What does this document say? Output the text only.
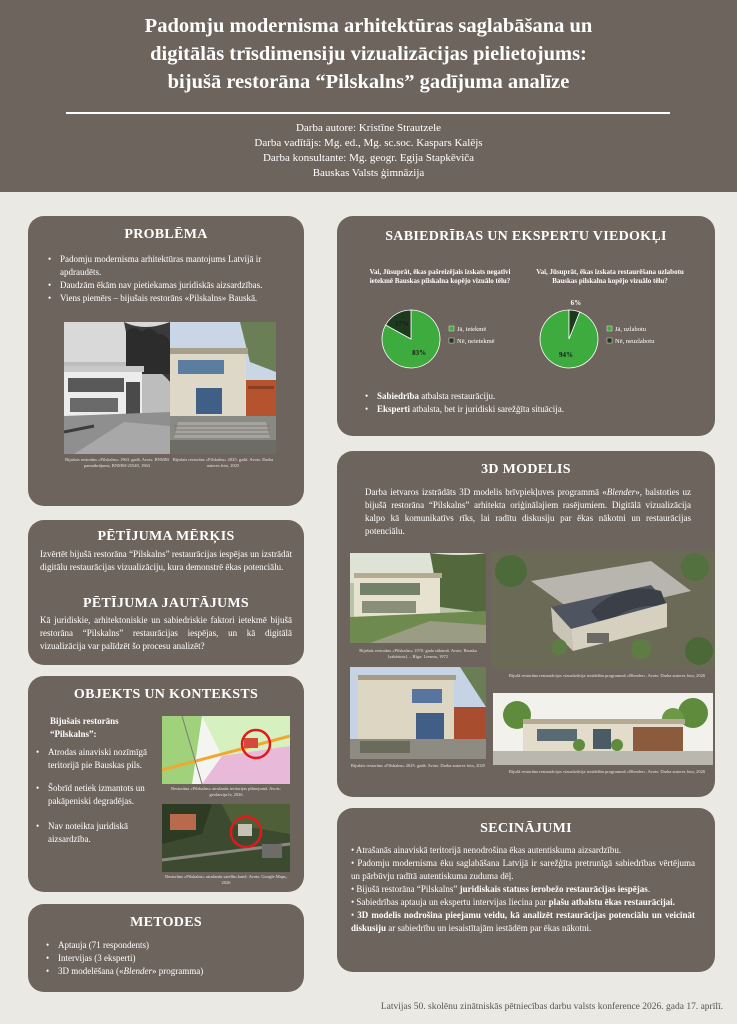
Padomju modernisma arhitektūras saglabāšana un
digitālās trīsdimensiju vizualizācijas pielietojums:
bijušā restorāna “Pilskalns” gadījuma analīze
Darba autore: Kristīne Strautzele
Darba vadītājs: Mg. ed., Mg. sc.soc. Kaspars Kalējs
Darba konsultante: Mg. geogr. Egija Stapkēviča
Bauskas Valsts ģimnāzija
PROBLĒMA
• Padomju modernisma arhitektūras mantojums Latvijā ir apdraudēts.
• Daudzām ēkām nav pietiekamas juridiskās aizsardzības.
• Viens piemērs – bijušais restorāns «Pilskalns» Bauskā.
Bijušais restorāns «Pilskalns» 1963. gadā. Avots: BNMM pamatkrājums, BNMM-25540, 1963
Bijušais restorāns «Pilskalns» 2025. gadā. Avots: Darba autores foto, 2025
PĒTĪJUMA MĒRĶIS
Izvērtēt bijušā restorāna “Pilskalns” restaurācijas iespējas un izstrādāt digitālu restaurācijas vizualizāciju, kura demonstrē ēkas potenciālu.
PĒTĪJUMA JAUTĀJUMS
Kā juridiskie, arhitektoniskie un sabiedriskie faktori ietekmē bijušā restorāna “Pilskalns” restaurācijas iespējas, un kā digitālā vizualizācija var palīdzēt šo procesu analizēt?
OBJEKTS UN KONTEKSTS
Bijušais restorāns
“Pilskalns”:
• Atrodas ainaviski nozīmīgā teritorijā pie Bauskas pils.
• Šobrīd netiek izmantots un pakāpeniski degradējas.
• Nav noteikta juridiskā aizsardzība.
Restorāna «Pilskalns» atrašanās teritorijas plānojumā. Avots: geolatvija.lv, 2026
Restorāns «Pilskalns» atrašanās satelītu kartē. Avots: Google Maps, 2026
METODES
• Aptauja (71 respondents)
• Intervijas (3 eksperti)
• 3D modelēšana («Blender» programma)
SABIEDRĪBAS UN EKSPERTU VIEDOKĻI
Vai, Jūsuprāt, ēkas pašreizējais izskats negatīvi ietekmē Bauskas pilskalna kopējo vizuālo tēlu?
Vai, Jūsuprāt, ēkas izskata restaurēšana uzlabotu Bauskas pilskalna kopējo vizuālo tēlu?
83%
17%
Jā, ietekmē
Nē, neietekmē
94%
6%
Jā, uzlabotu
Nē, neuzlabotu
• Sabiedrība atbalsta restaurāciju.
• Eksperti atbalsta, bet ir juridiski sarežģīta situācija.
3D MODELIS
Darba ietvaros izstrādāts 3D modelis brīvpiekļuves programmā «Blender», balstoties uz bijušā restorāna “Pilskalns” arhitekta oriģinālajiem rasējumiem. Digitālā vizualizācija kalpo kā komunikatīvs rīks, lai radītu diskusiju par ēkas nākotni un restaurācijas potenciālu.
Bijušais restorāns «Pilskalns» 1970. gada sākumā. Avots: Bauska [sakārtots]. – Rīga: Liesma, 1972
Bijušā restorāna restaurācijas vizualizācija izstrādāta programmā «Blender». Avots: Darba autores foto, 2026
Bijušais restorāns «Pilskalns» 2025. gadā. Avots: Darba autores foto, 2025
Bijušā restorāna restaurācijas vizualizācija izstrādāta programmā «Blender». Avots: Darba autores foto, 2026
SECINĀJUMI
• Atrašanās ainaviskā teritorijā nenodrošina ēkas autentiskuma aizsardzību.
• Padomju modernisma ēku saglabāšana Latvijā ir sarežģīta pretrunīgā sabiedrības vērtējuma un pārbūvju radītā autentiskuma zuduma dēļ.
• Bijušā restorāna “Pilskalns” juridiskais statuss ierobežo restaurācijas iespējas.
• Sabiedrības aptauja un ekspertu intervijas liecina par plašu atbalstu ēkas restaurācijai.
• 3D modelis nodrošina pieejamu veidu, kā analizēt restaurācijas potenciālu un veicināt diskusiju ar sabiedrību un iesaistītajām iestādēm par ēkas nākotni.
Latvijas 50. skolēnu zinātniskās pētniecības darbu valsts konference 2026. gada 17. aprīlī.
